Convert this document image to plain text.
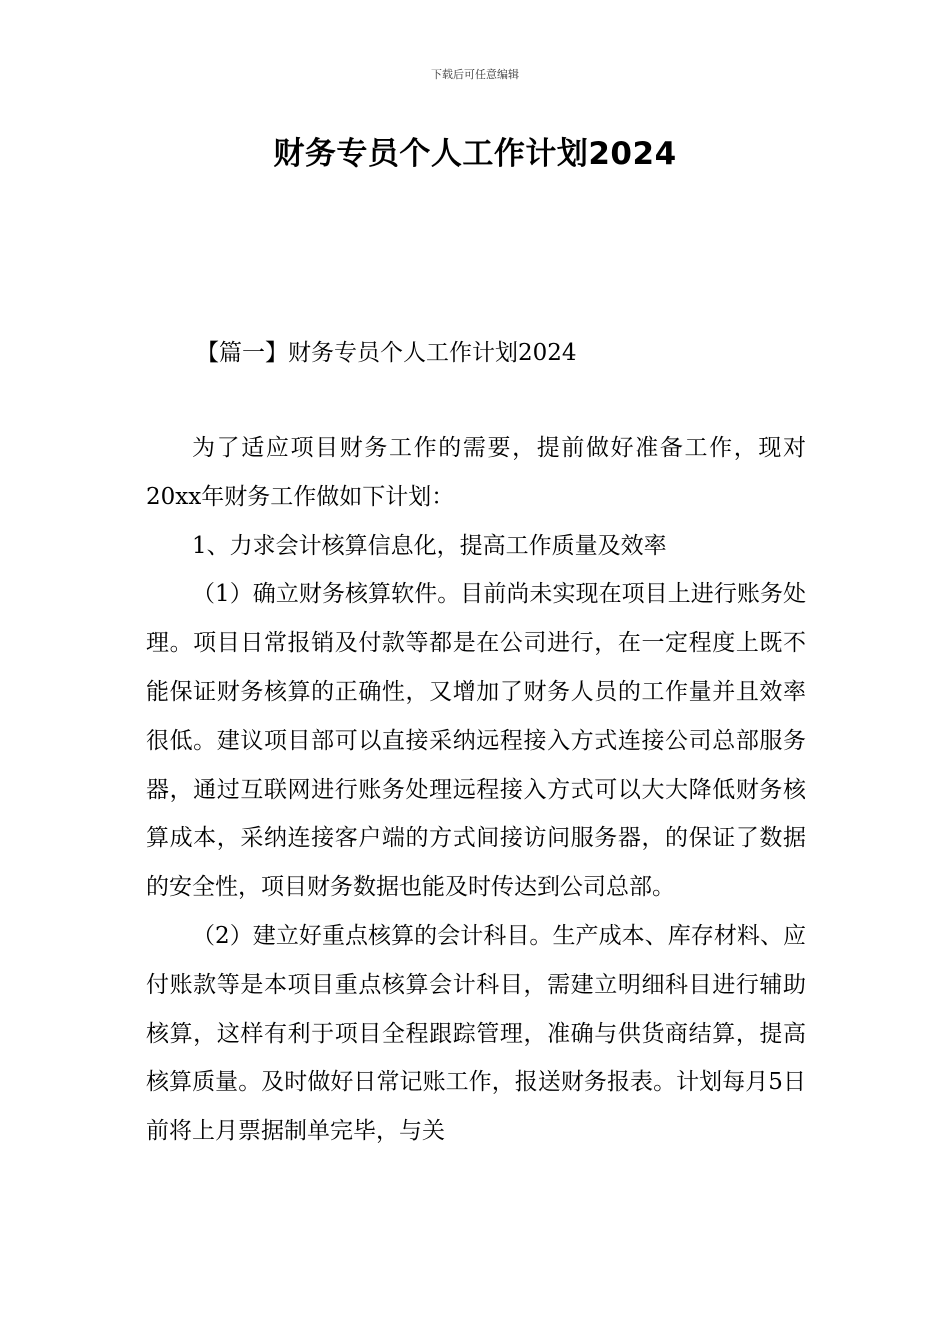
下载后可任意编辑
财务专员个人工作计划2024
【篇一】财务专员个人工作计划2024

为了适应项目财务工作的需要，提前做好准备工作，现对20xx年财务工作做如下计划：

1、力求会计核算信息化，提高工作质量及效率

（1）确立财务核算软件。目前尚未实现在项目上进行账务处理。项目日常报销及付款等都是在公司进行，在一定程度上既不能保证财务核算的正确性，又增加了财务人员的工作量并且效率很低。建议项目部可以直接采纳远程接入方式连接公司总部服务器，通过互联网进行账务处理远程接入方式可以大大降低财务核算成本，采纳连接客户端的方式间接访问服务器，的保证了数据的安全性，项目财务数据也能及时传达到公司总部。

（2）建立好重点核算的会计科目。生产成本、库存材料、应付账款等是本项目重点核算会计科目，需建立明细科目进行辅助核算，这样有利于项目全程跟踪管理，准确与供货商结算，提高核算质量。及时做好日常记账工作，报送财务报表。计划每月5日前将上月票据制单完毕，与关
